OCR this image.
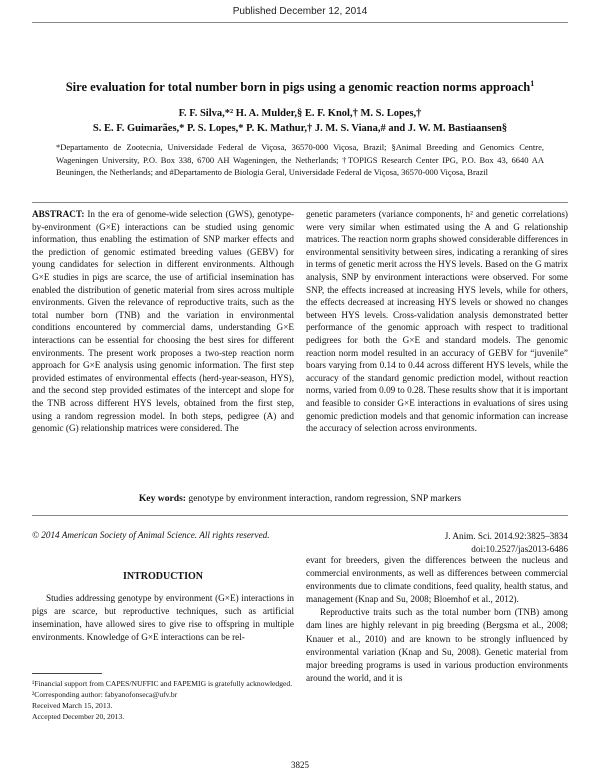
Published December 12, 2014
Sire evaluation for total number born in pigs using a genomic reaction norms approach$^1$
F. F. Silva,*² H. A. Mulder,§ E. F. Knol,† M. S. Lopes,†
S. E. F. Guimarães,* P. S. Lopes,* P. K. Mathur,† J. M. S. Viana,# and J. W. M. Bastiaansen§
*Departamento de Zootecnia, Universidade Federal de Viçosa, 36570-000 Viçosa, Brazil; §Animal Breeding and Genomics Centre, Wageningen University, P.O. Box 338, 6700 AH Wageningen, the Netherlands; †TOPIGS Research Center IPG, P.O. Box 43, 6640 AA Beuningen, the Netherlands; and #Departamento de Biologia Geral, Universidade Federal de Viçosa, 36570-000 Viçosa, Brazil
ABSTRACT: In the era of genome-wide selection (GWS), genotype-by-environment (G×E) interactions can be studied using genomic information, thus enabling the estimation of SNP marker effects and the prediction of genomic estimated breeding values (GEBV) for young candidates for selection in different environments. Although G×E studies in pigs are scarce, the use of artificial insemination has enabled the distribution of genetic material from sires across multiple environments. Given the relevance of reproductive traits, such as the total number born (TNB) and the variation in environmental conditions encountered by commercial dams, understanding G×E interactions can be essential for choosing the best sires for different environments. The present work proposes a two-step reaction norm approach for G×E analysis using genomic information. The first step provided estimates of environmental effects (herd-year-season, HYS), and the second step provided estimates of the intercept and slope for the TNB across different HYS levels, obtained from the first step, using a random regression model. In both steps, pedigree (A) and genomic (G) relationship matrices were considered. The
genetic parameters (variance components, h² and genetic correlations) were very similar when estimated using the A and G relationship matrices. The reaction norm graphs showed considerable differences in environmental sensitivity between sires, indicating a reranking of sires in terms of genetic merit across the HYS levels. Based on the G matrix analysis, SNP by environment interactions were observed. For some SNP, the effects increased at increasing HYS levels, while for others, the effects decreased at increasing HYS levels or showed no changes between HYS levels. Cross-validation analysis demonstrated better performance of the genomic approach with respect to traditional pedigrees for both the G×E and standard models. The genomic reaction norm model resulted in an accuracy of GEBV for “juvenile” boars varying from 0.14 to 0.44 across different HYS levels, while the accuracy of the standard genomic prediction model, without reaction norms, varied from 0.09 to 0.28. These results show that it is important and feasible to consider G×E interactions in evaluations of sires using genomic prediction models and that genomic information can increase the accuracy of selection across environments.
Key words: genotype by environment interaction, random regression, SNP markers
© 2014 American Society of Animal Science. All rights reserved.	J. Anim. Sci. 2014.92:3825–3834
doi:10.2527/jas2013-6486
INTRODUCTION

Studies addressing genotype by environment (G×E) interactions in pigs are scarce, but reproductive techniques, such as artificial insemination, have allowed sires to give rise to offspring in multiple environments. Knowledge of G×E interactions can be rel-

¹Financial support from CAPES/NUFFIC and FAPEMIG is gratefully acknowledged.
²Corresponding author: fabyanofonseca@ufv.br
Received March 15, 2013.
Accepted December 20, 2013.

evant for breeders, given the differences between the nucleus and commercial environments, as well as differences between commercial environments due to climate conditions, feed quality, health status, and management (Knap and Su, 2008; Bloemhof et al., 2012).

Reproductive traits such as the total number born (TNB) among dam lines are highly relevant in pig breeding (Bergsma et al., 2008; Knauer et al., 2010) and are known to be strongly influenced by environmental variation (Knap and Su, 2008). Genetic material from major breeding programs is used in various production environments around the world, and it is

3825
